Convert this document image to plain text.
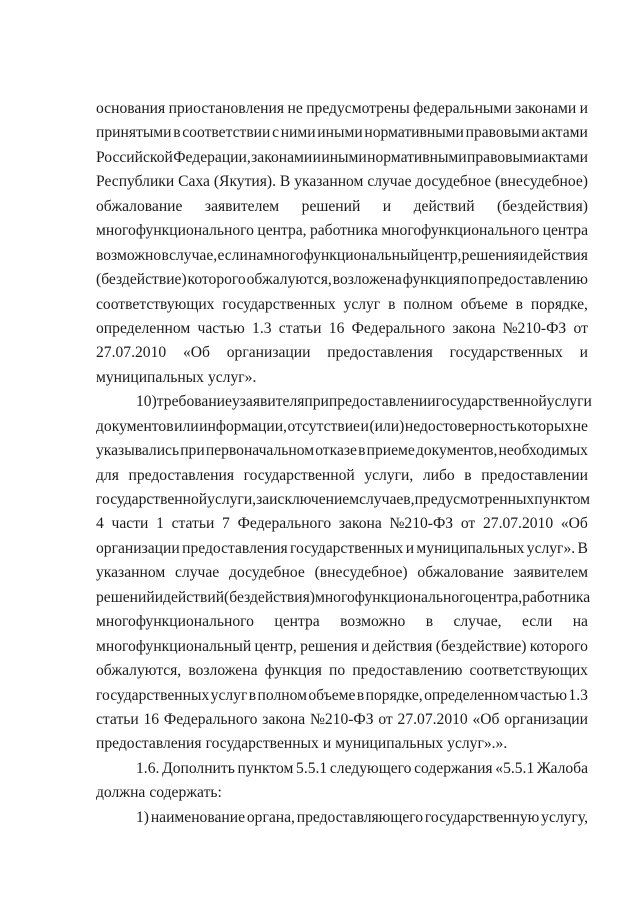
основания приостановления не предусмотрены федеральными законами и
принятыми в соответствии с ними иными нормативными правовыми актами
Российской Федерации, законами и иными нормативными правовыми актами
Республики Саха (Якутия). В указанном случае досудебное (внесудебное)
обжалование заявителем решений и действий (бездействия)
многофункционального центра, работника многофункционального центра
возможно в случае, если на многофункциональный центр, решения и действия
(бездействие) которого обжалуются, возложена функция по предоставлению
соответствующих государственных услуг в полном объеме в порядке,
определенном частью 1.3 статьи 16 Федерального закона №210-ФЗ от
27.07.2010 «Об организации предоставления государственных и
муниципальных услуг».
10) требование у заявителя при предоставлении государственной услуги
документов или информации, отсутствие и (или) недостоверность которых не
указывались при первоначальном отказе в приеме документов, необходимых
для предоставления государственной услуги, либо в предоставлении
государственной услуги, за исключением случаев, предусмотренных пунктом
4 части 1 статьи 7 Федерального закона №210-ФЗ от 27.07.2010 «Об
организации предоставления государственных и муниципальных услуг». В
указанном случае досудебное (внесудебное) обжалование заявителем
решений и действий (бездействия) многофункционального центра, работника
многофункционального центра возможно в случае, если на
многофункциональный центр, решения и действия (бездействие) которого
обжалуются, возложена функция по предоставлению соответствующих
государственных услуг в полном объеме в порядке, определенном частью 1.3
статьи 16 Федерального закона №210-ФЗ от 27.07.2010 «Об организации
предоставления государственных и муниципальных услуг».».
1.6. Дополнить пунктом 5.5.1 следующего содержания «5.5.1 Жалоба
должна содержать:
1) наименование органа, предоставляющего государственную услугу,
